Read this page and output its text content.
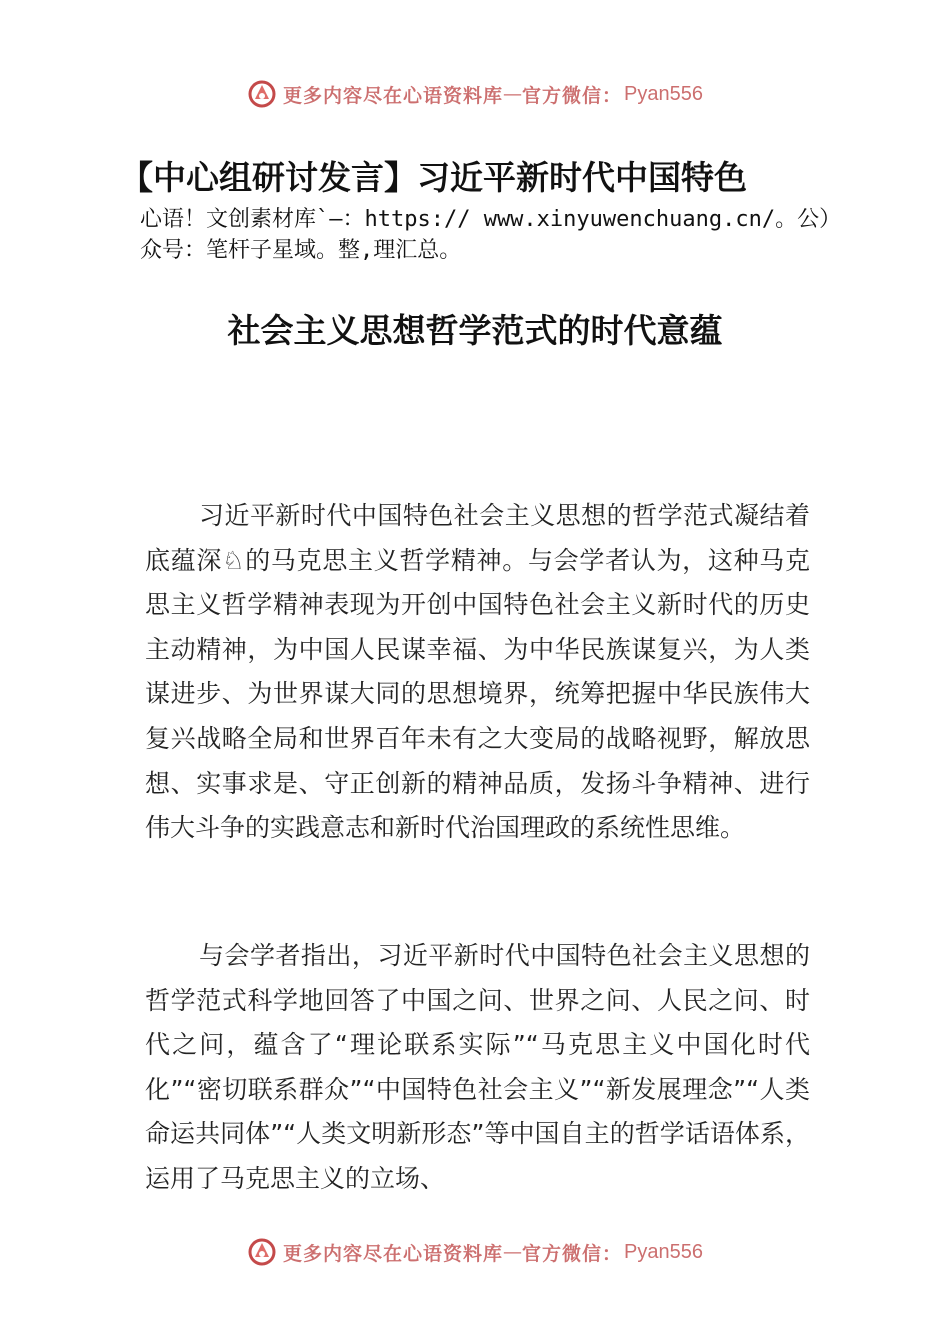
更多内容尽在心语资料库 — 官方微信： Pyan556
【中心组研讨发言】习近平新时代中国特色
心语！文创素材库`—：https:// www.xinyuwenchuang.cn/。公）众号：笔杆子星域。整,理汇总。
社会主义思想哲学范式的时代意蕴
习近平新时代中国特色社会主义思想的哲学范式凝结着底蕴深♘的马克思主义哲学精神。与会学者认为，这种马克思主义哲学精神表现为开创中国特色社会主义新时代的历史主动精神，为中国人民谋幸福、为中华民族谋复兴，为人类谋进步、为世界谋大同的思想境界，统筹把握中华民族伟大复兴战略全局和世界百年未有之大变局的战略视野，解放思想、实事求是、守正创新的精神品质，发扬斗争精神、进行伟大斗争的实践意志和新时代治国理政的系统性思维。
与会学者指出，习近平新时代中国特色社会主义思想的哲学范式科学地回答了中国之问、世界之问、人民之问、时代之问，蕴含了“理论联系实际”“马克思主义中国化时代化”“密切联系群众”“中国特色社会主义”“新发展理念”“人类命运共同体”“人类文明新形态”等中国自主的哲学话语体系，运用了马克思主义的立场、
更多内容尽在心语资料库 — 官方微信： Pyan556
